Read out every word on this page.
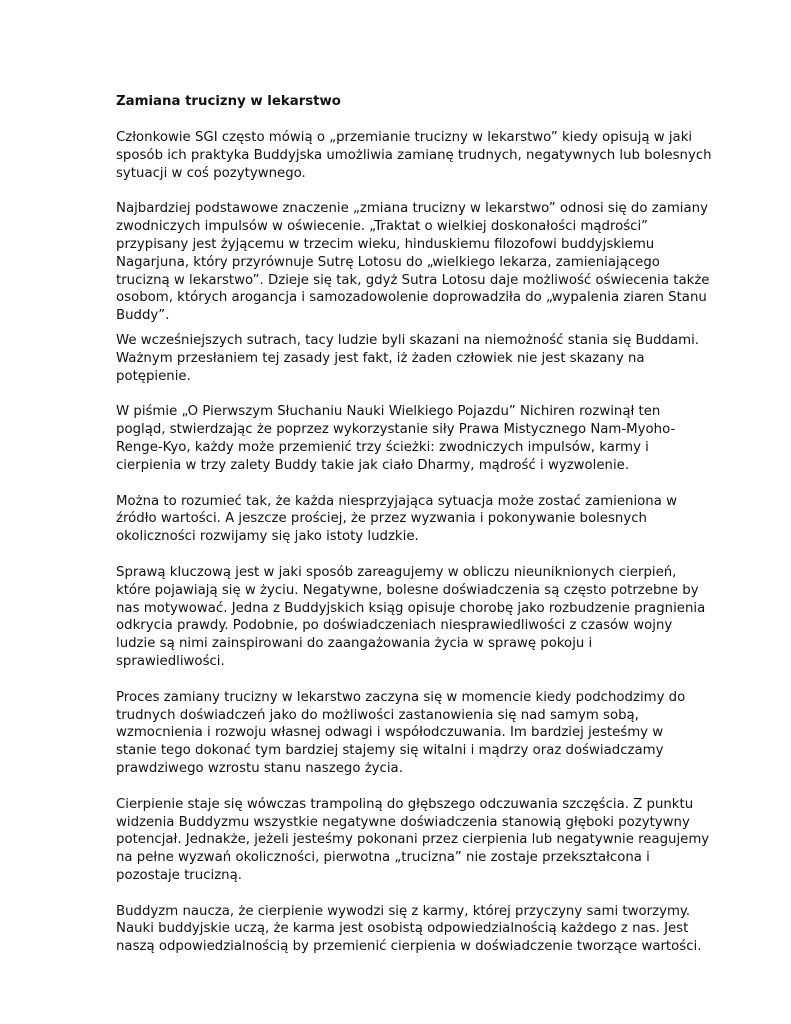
Zamiana trucizny w lekarstwo
Członkowie SGI często mówią o „przemianie trucizny w lekarstwo” kiedy opisują w jaki
sposób ich praktyka Buddyjska umożliwia zamianę trudnych, negatywnych lub bolesnych
sytuacji w coś pozytywnego.
Najbardziej podstawowe znaczenie „zmiana trucizny w lekarstwo” odnosi się do zamiany
zwodniczych impulsów w oświecenie. „Traktat o wielkiej doskonałości mądrości”
przypisany jest żyjącemu w trzecim wieku, hinduskiemu filozofowi buddyjskiemu
Nagarjuna, który przyrównuje Sutrę Lotosu do „wielkiego lekarza, zamieniającego
trucizną w lekarstwo”. Dzieje się tak, gdyż Sutra Lotosu daje możliwość oświecenia także
osobom, których arogancja i samozadowolenie doprowadziła do „wypalenia ziaren Stanu
Buddy”.
We wcześniejszych sutrach, tacy ludzie byli skazani na niemożność stania się Buddami.
Ważnym przesłaniem tej zasady jest fakt, iż żaden człowiek nie jest skazany na
potępienie.
W piśmie „O Pierwszym Słuchaniu Nauki Wielkiego Pojazdu” Nichiren rozwinął ten
pogląd, stwierdzając że poprzez wykorzystanie siły Prawa Mistycznego Nam-Myoho-
Renge-Kyo, każdy może przemienić trzy ścieżki: zwodniczych impulsów, karmy i
cierpienia w trzy zalety Buddy takie jak ciało Dharmy, mądrość i wyzwolenie.
Można to rozumieć tak, że każda niesprzyjająca sytuacja może zostać zamieniona w
źródło wartości. A jeszcze prościej, że przez wyzwania i pokonywanie bolesnych
okoliczności rozwijamy się jako istoty ludzkie.
Sprawą kluczową jest w jaki sposób zareagujemy w obliczu nieuniknionych cierpień,
które pojawiają się w życiu. Negatywne, bolesne doświadczenia są często potrzebne by
nas motywować. Jedna z Buddyjskich ksiąg opisuje chorobę jako rozbudzenie pragnienia
odkrycia prawdy. Podobnie, po doświadczeniach niesprawiedliwości z czasów wojny
ludzie są nimi zainspirowani do zaangażowania życia w sprawę pokoju i
sprawiedliwości.
Proces zamiany trucizny w lekarstwo zaczyna się w momencie kiedy podchodzimy do
trudnych doświadczeń jako do możliwości zastanowienia się nad samym sobą,
wzmocnienia i rozwoju własnej odwagi i współodczuwania. Im bardziej jesteśmy w
stanie tego dokonać tym bardziej stajemy się witalni i mądrzy oraz doświadczamy
prawdziwego wzrostu stanu naszego życia.
Cierpienie staje się wówczas trampoliną do głębszego odczuwania szczęścia. Z punktu
widzenia Buddyzmu wszystkie negatywne doświadczenia stanowią głęboki pozytywny
potencjał. Jednakże, jeżeli jesteśmy pokonani przez cierpienia lub negatywnie reagujemy
na pełne wyzwań okoliczności, pierwotna „trucizna” nie zostaje przekształcona i
pozostaje trucizną.
Buddyzm naucza, że cierpienie wywodzi się z karmy, której przyczyny sami tworzymy.
Nauki buddyjskie uczą, że karma jest osobistą odpowiedzialnością każdego z nas. Jest
naszą odpowiedzialnością by przemienić cierpienia w doświadczenie tworzące wartości.
